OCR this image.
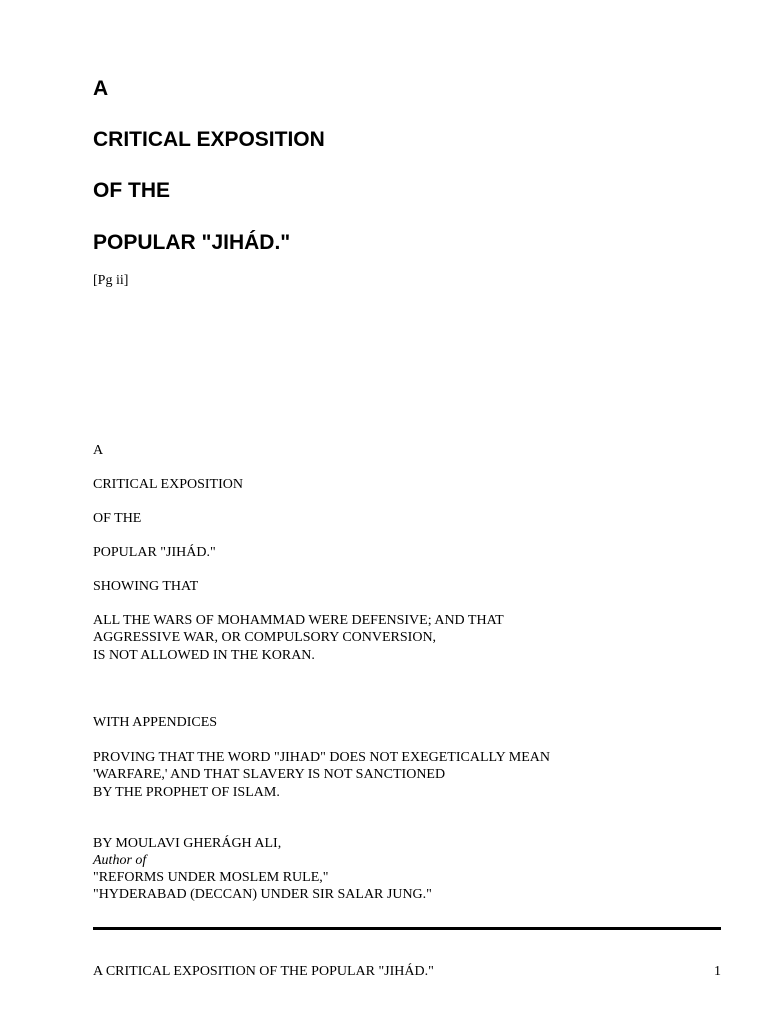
A

CRITICAL EXPOSITION

OF THE

POPULAR "JIHÁD."

[Pg ii]

A

CRITICAL EXPOSITION

OF THE

POPULAR "JIHÁD."

SHOWING THAT

ALL THE WARS OF MOHAMMAD WERE DEFENSIVE; AND THAT

AGGRESSIVE WAR, OR COMPULSORY CONVERSION,

IS NOT ALLOWED IN THE KORAN.

WITH APPENDICES

PROVING THAT THE WORD "JIHAD" DOES NOT EXEGETICALLY MEAN

'WARFARE,' AND THAT SLAVERY IS NOT SANCTIONED

BY THE PROPHET OF ISLAM.

BY MOULAVI GHERÁGH ALI,

Author of

"REFORMS UNDER MOSLEM RULE,"

"HYDERABAD (DECCAN) UNDER SIR SALAR JUNG."

A CRITICAL EXPOSITION OF THE POPULAR "JIHÁD."	1
